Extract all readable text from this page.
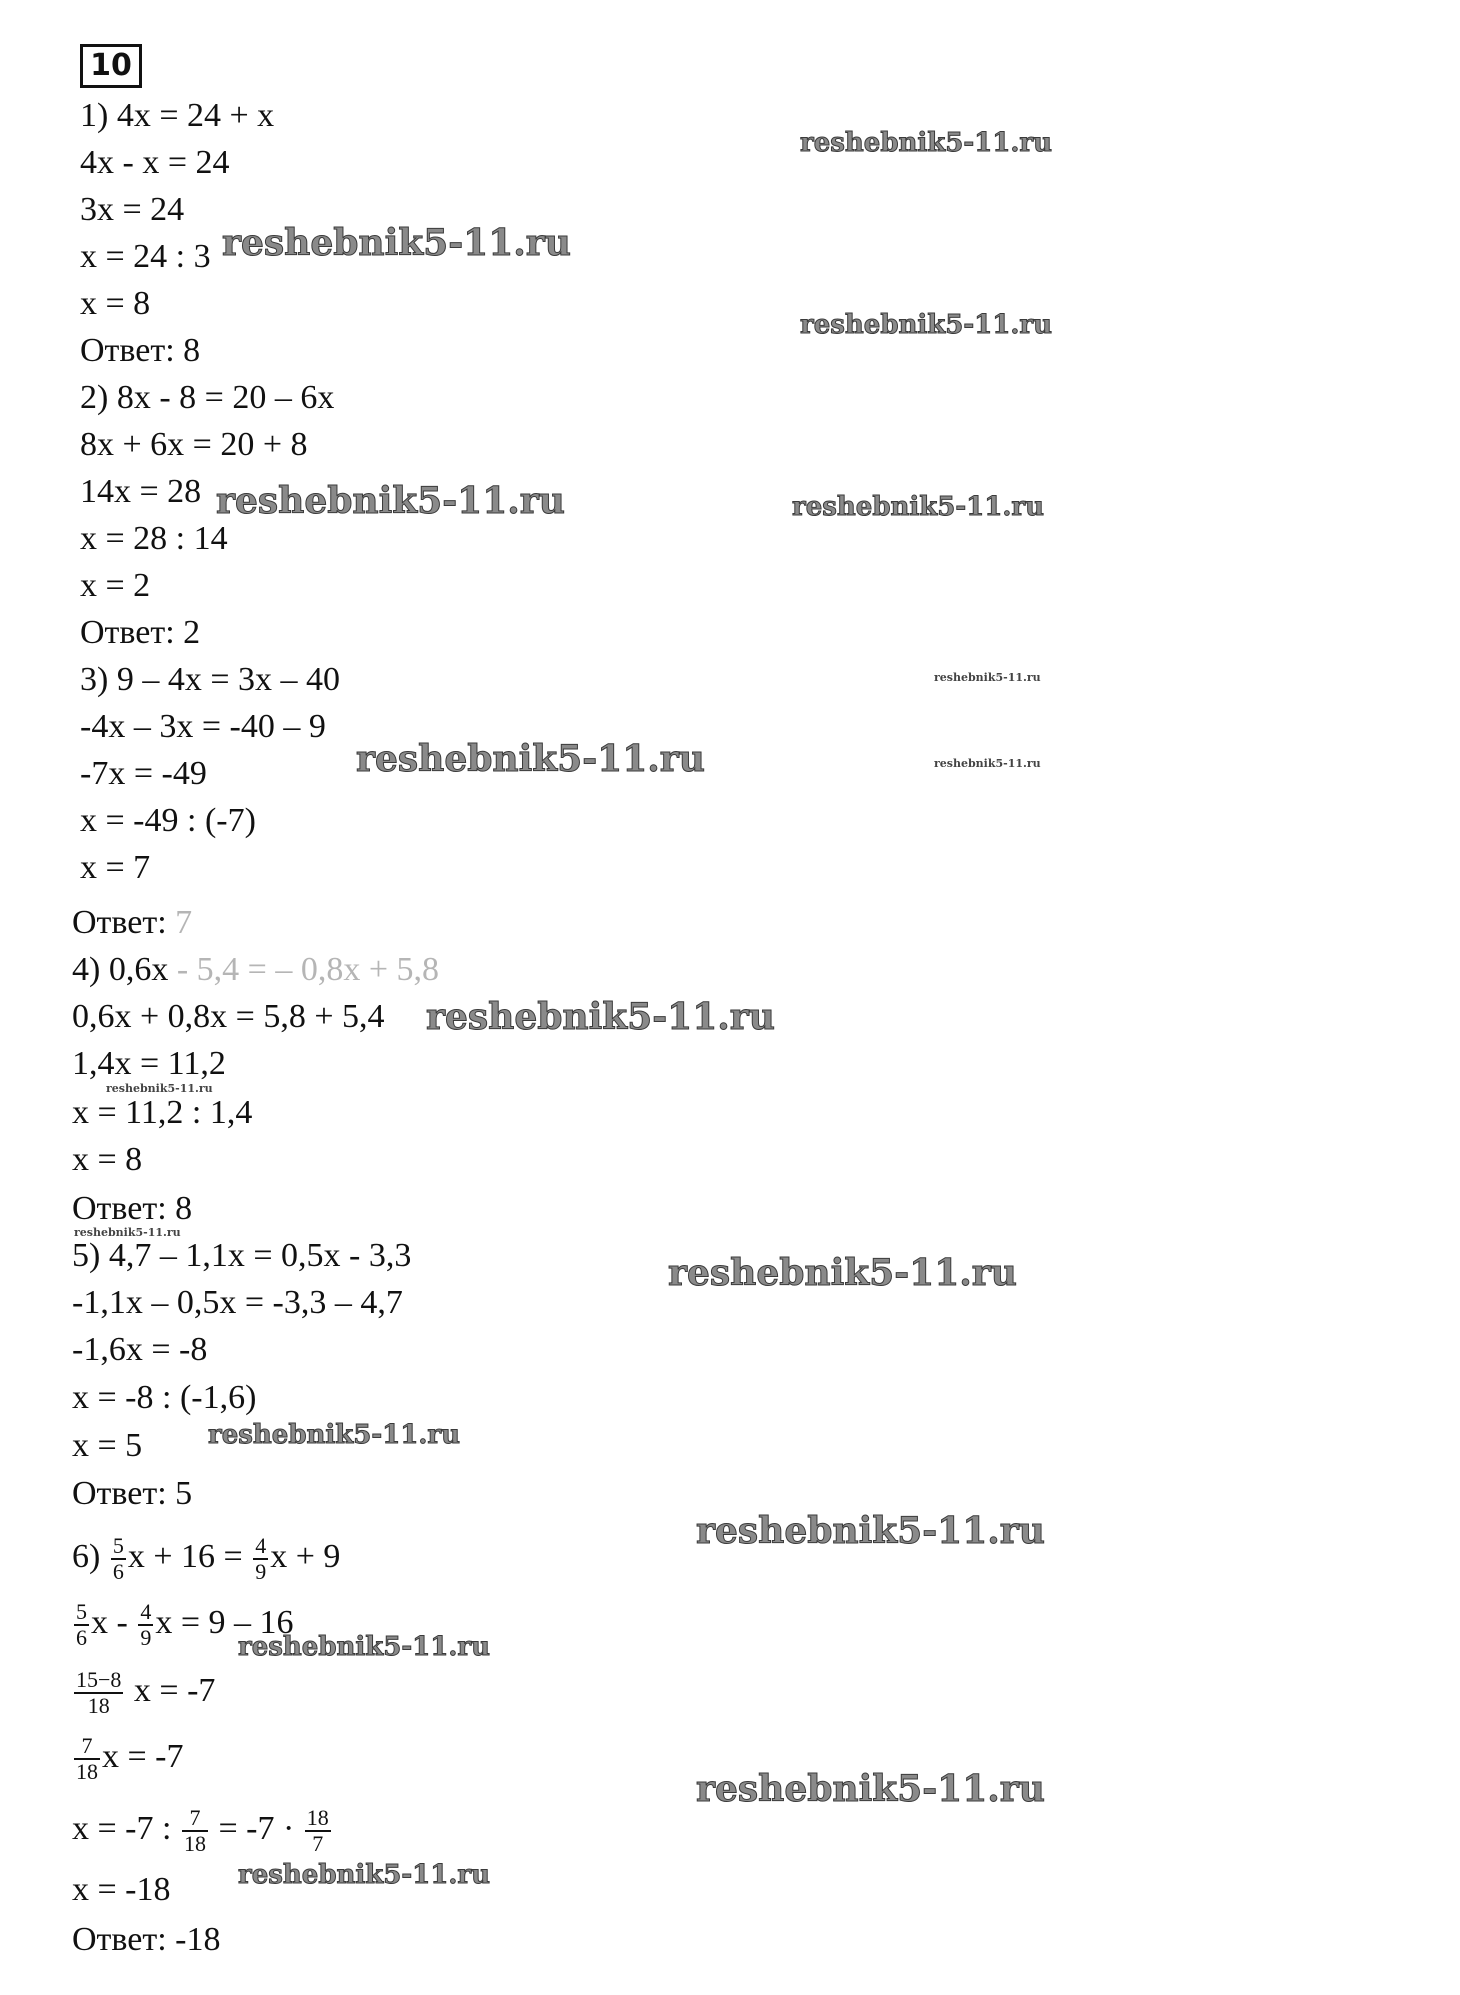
10
1) 4x = 24 + x
4x - x = 24
3x = 24
x = 24 : 3
x = 8
Ответ: 8
2) 8x - 8 = 20 – 6x
8x + 6x = 20 + 8
14x = 28
x = 28 : 14
x = 2
Ответ: 2
3) 9 – 4x = 3x – 40
-4x – 3x = -40 – 9
-7x = -49
x = -49 : (-7)
x = 7
Ответ: 7
4) 0,6x - 5,4 = – 0,8x + 5,8
0,6x + 0,8x = 5,8 + 5,4
1,4x = 11,2
x = 11,2 : 1,4
x = 8
Ответ: 8
5) 4,7 – 1,1x = 0,5x - 3,3
-1,1x – 0,5x = -3,3 – 4,7
-1,6x = -8
x = -8 : (-1,6)
x = 5
Ответ: 5
$6) \frac{5}{6}$ $x + 16 = \frac{4}{9}$ x + 9
$\frac{5}{6}$ x - $\frac{4}{9}$ x = 9 – 16
$\frac{15-8}{18}$ x = -7
$\frac{7}{18}$ x = -7
x = -7 : $\frac{7}{18} = -7 \cdot \frac{18}{7}$
x = -18
Ответ: -18
reshebnik5-11.ru
reshebnik5-11.ru
reshebnik5-11.ru
reshebnik5-11.ru	reshebnik5-11.ru
reshebnik5-11.ru
reshebnik5-11.ru	reshebnik5-11.ru
reshebnik5-11.ru
reshebnik5-11.ru
reshebnik5-11.ru
reshebnik5-11.ru
reshebnik5-11.ru
reshebnik5-11.ru
reshebnik5-11.ru
reshebnik5-11.ru
reshebnik5-11.ru
